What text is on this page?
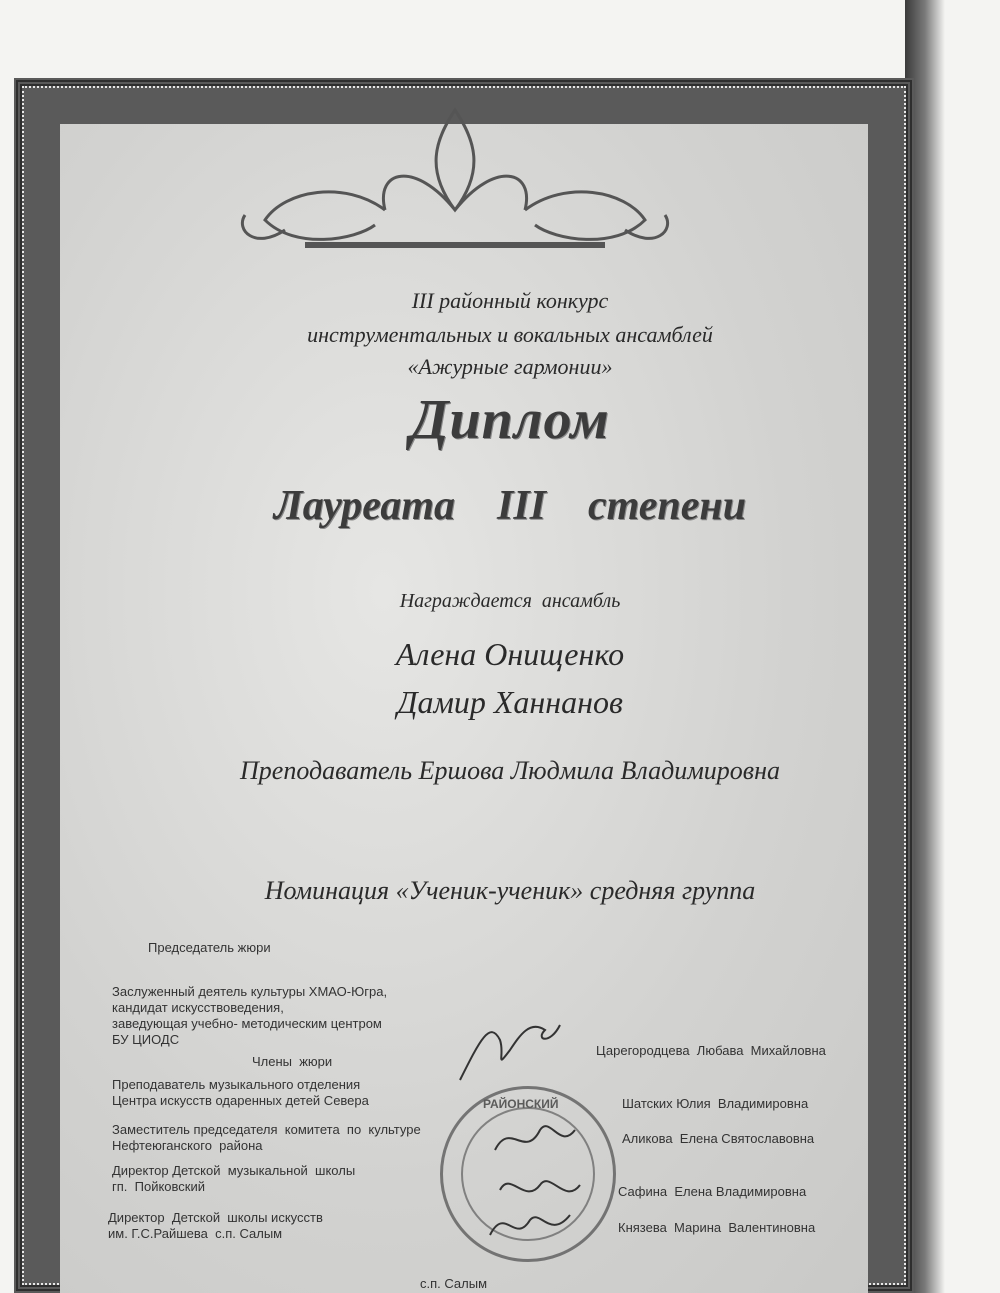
III районный конкурс
инструментальных и вокальных ансамблей
«Ажурные гармонии»
Диплом
Лауреата    III    степени
Награждается  ансамбль
Алена Онищенко
Дамир Ханнанов
Преподаватель Ершова Людмила Владимировна
Номинация «Ученик-ученик» средняя группа
Председатель жюри
Заслуженный деятель культуры ХМАО-Югра,
кандидат искусствоведения,
заведующая учебно- методическим центром
БУ ЦИОДС
Царегородцева  Любава  Михайловна
Члены  жюри
Преподаватель музыкального отделения
Центра искусств одаренных детей Севера	Шатских Юлия  Владимировна
Заместитель председателя  комитета  по  культуре
Нефтеюганского  района	Аликова  Елена Святославовна
Директор Детской  музыкальной  школы
гп.  Пойковский	Сафина  Елена Владимировна
Директор  Детской  школы искусств
им. Г.С.Райшева  с.п. Салым	Князева  Марина  Валентиновна
РАЙОНСКИЙ
с.п. Салым
